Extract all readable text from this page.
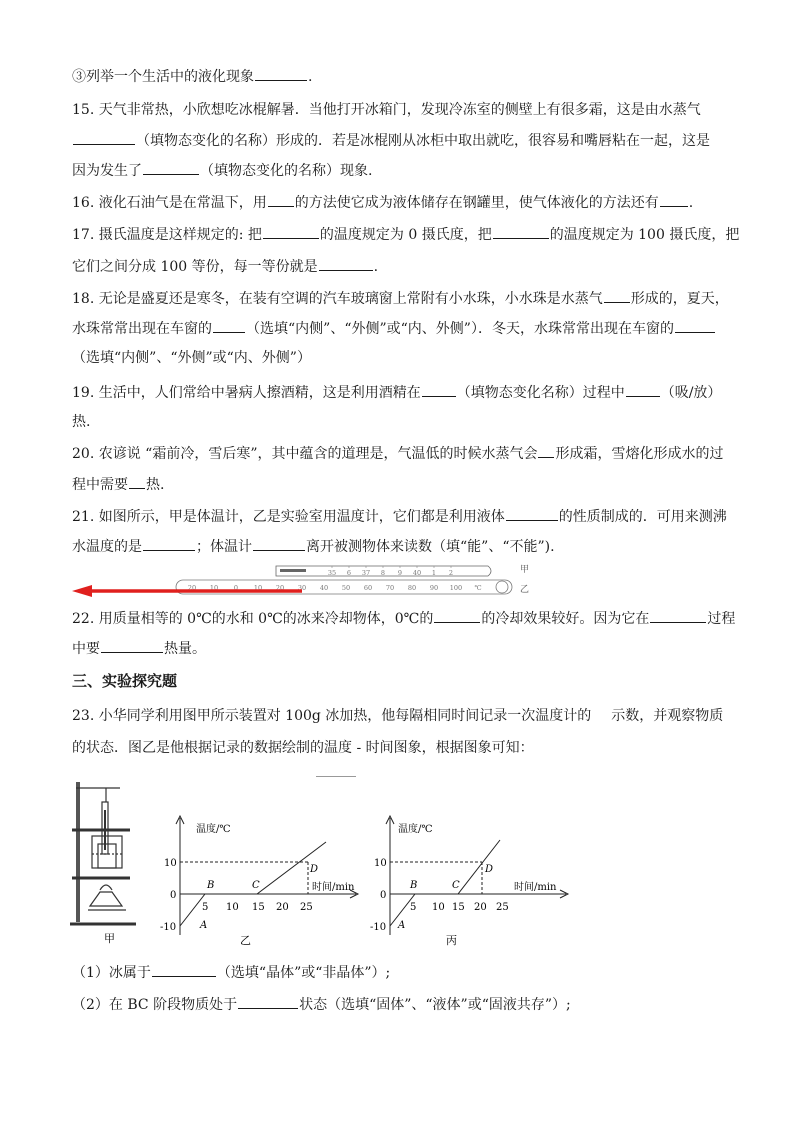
③列举一个生活中的液化现象	.
15. 天气非常热，小欣想吃冰棍解暑．当他打开冰箱门，发现冷冻室的侧壁上有很多霜，这是由水蒸气
（填物态变化的名称）形成的．若是冰棍刚从冰柜中取出就吃，很容易和嘴唇粘在一起，这是
因为发生了	（填物态变化的名称）现象.
16. 液化石油气是在常温下，用 的方法使它成为液体储存在钢罐里，使气体液化的方法还有 .
17. 摄氏温度是这样规定的: 把	的温度规定为 0 摄氏度，把	的温度规定为 100 摄氏度，把
它们之间分成 100 等份，每一等份就是	.
18. 无论是盛夏还是寒冬，在装有空调的汽车玻璃窗上常附有小水珠，小水珠是水蒸气 形成的，夏天，
水珠常常出现在车窗的 （选填“内侧”、“外侧”或“内、外侧”）．冬天，水珠常常出现在车窗的
（选填“内侧”、“外侧”或“内、外侧”）
19. 生活中，人们常给中暑病人擦酒精，这是利用酒精在	（填物态变化名称）过程中	（吸/放）
热.
20. 农谚说 “霜前冷，雪后寒”，其中蕴含的道理是，气温低的时候水蒸气会 形成霜，雪熔化形成水的过
程中需要 热.
21. 如图所示，甲是体温计，乙是实验室用温度计，它们都是利用液体	的性质制成的．可用来测沸
水温度的是	；体温计	离开被测物体来读数（填“能”、“不能”).
35 6 37 8 9 40 1 2	甲
20 10 0 10 20 30 40 50 60 70 80 90 100 ℃	乙
22. 用质量相等的 0℃的水和 0℃的冰来冷却物体，0℃的	的冷却效果较好。因为它在	过程
中要	热量。
三、实验探究题
23. 小华同学利用图甲所示装置对 100g 冰加热，他每隔相同时间记录一次温度计的 示数，并观察物质
的状态．图乙是他根据记录的数据绘制的温度 - 时间图象，根据图象可知：
甲
温度/℃
时间/min
10
0
-10
5 10 15 20 25
A
B	C
D
乙
温度/℃
时间/min
10
0
-10
5 10 15 20 25
A
B	C
D
丙
（1）冰属于	（选填“晶体”或“非晶体”）;
（2）在 BC 阶段物质处于	状态（选填“固体”、“液体”或“固液共存”）;
